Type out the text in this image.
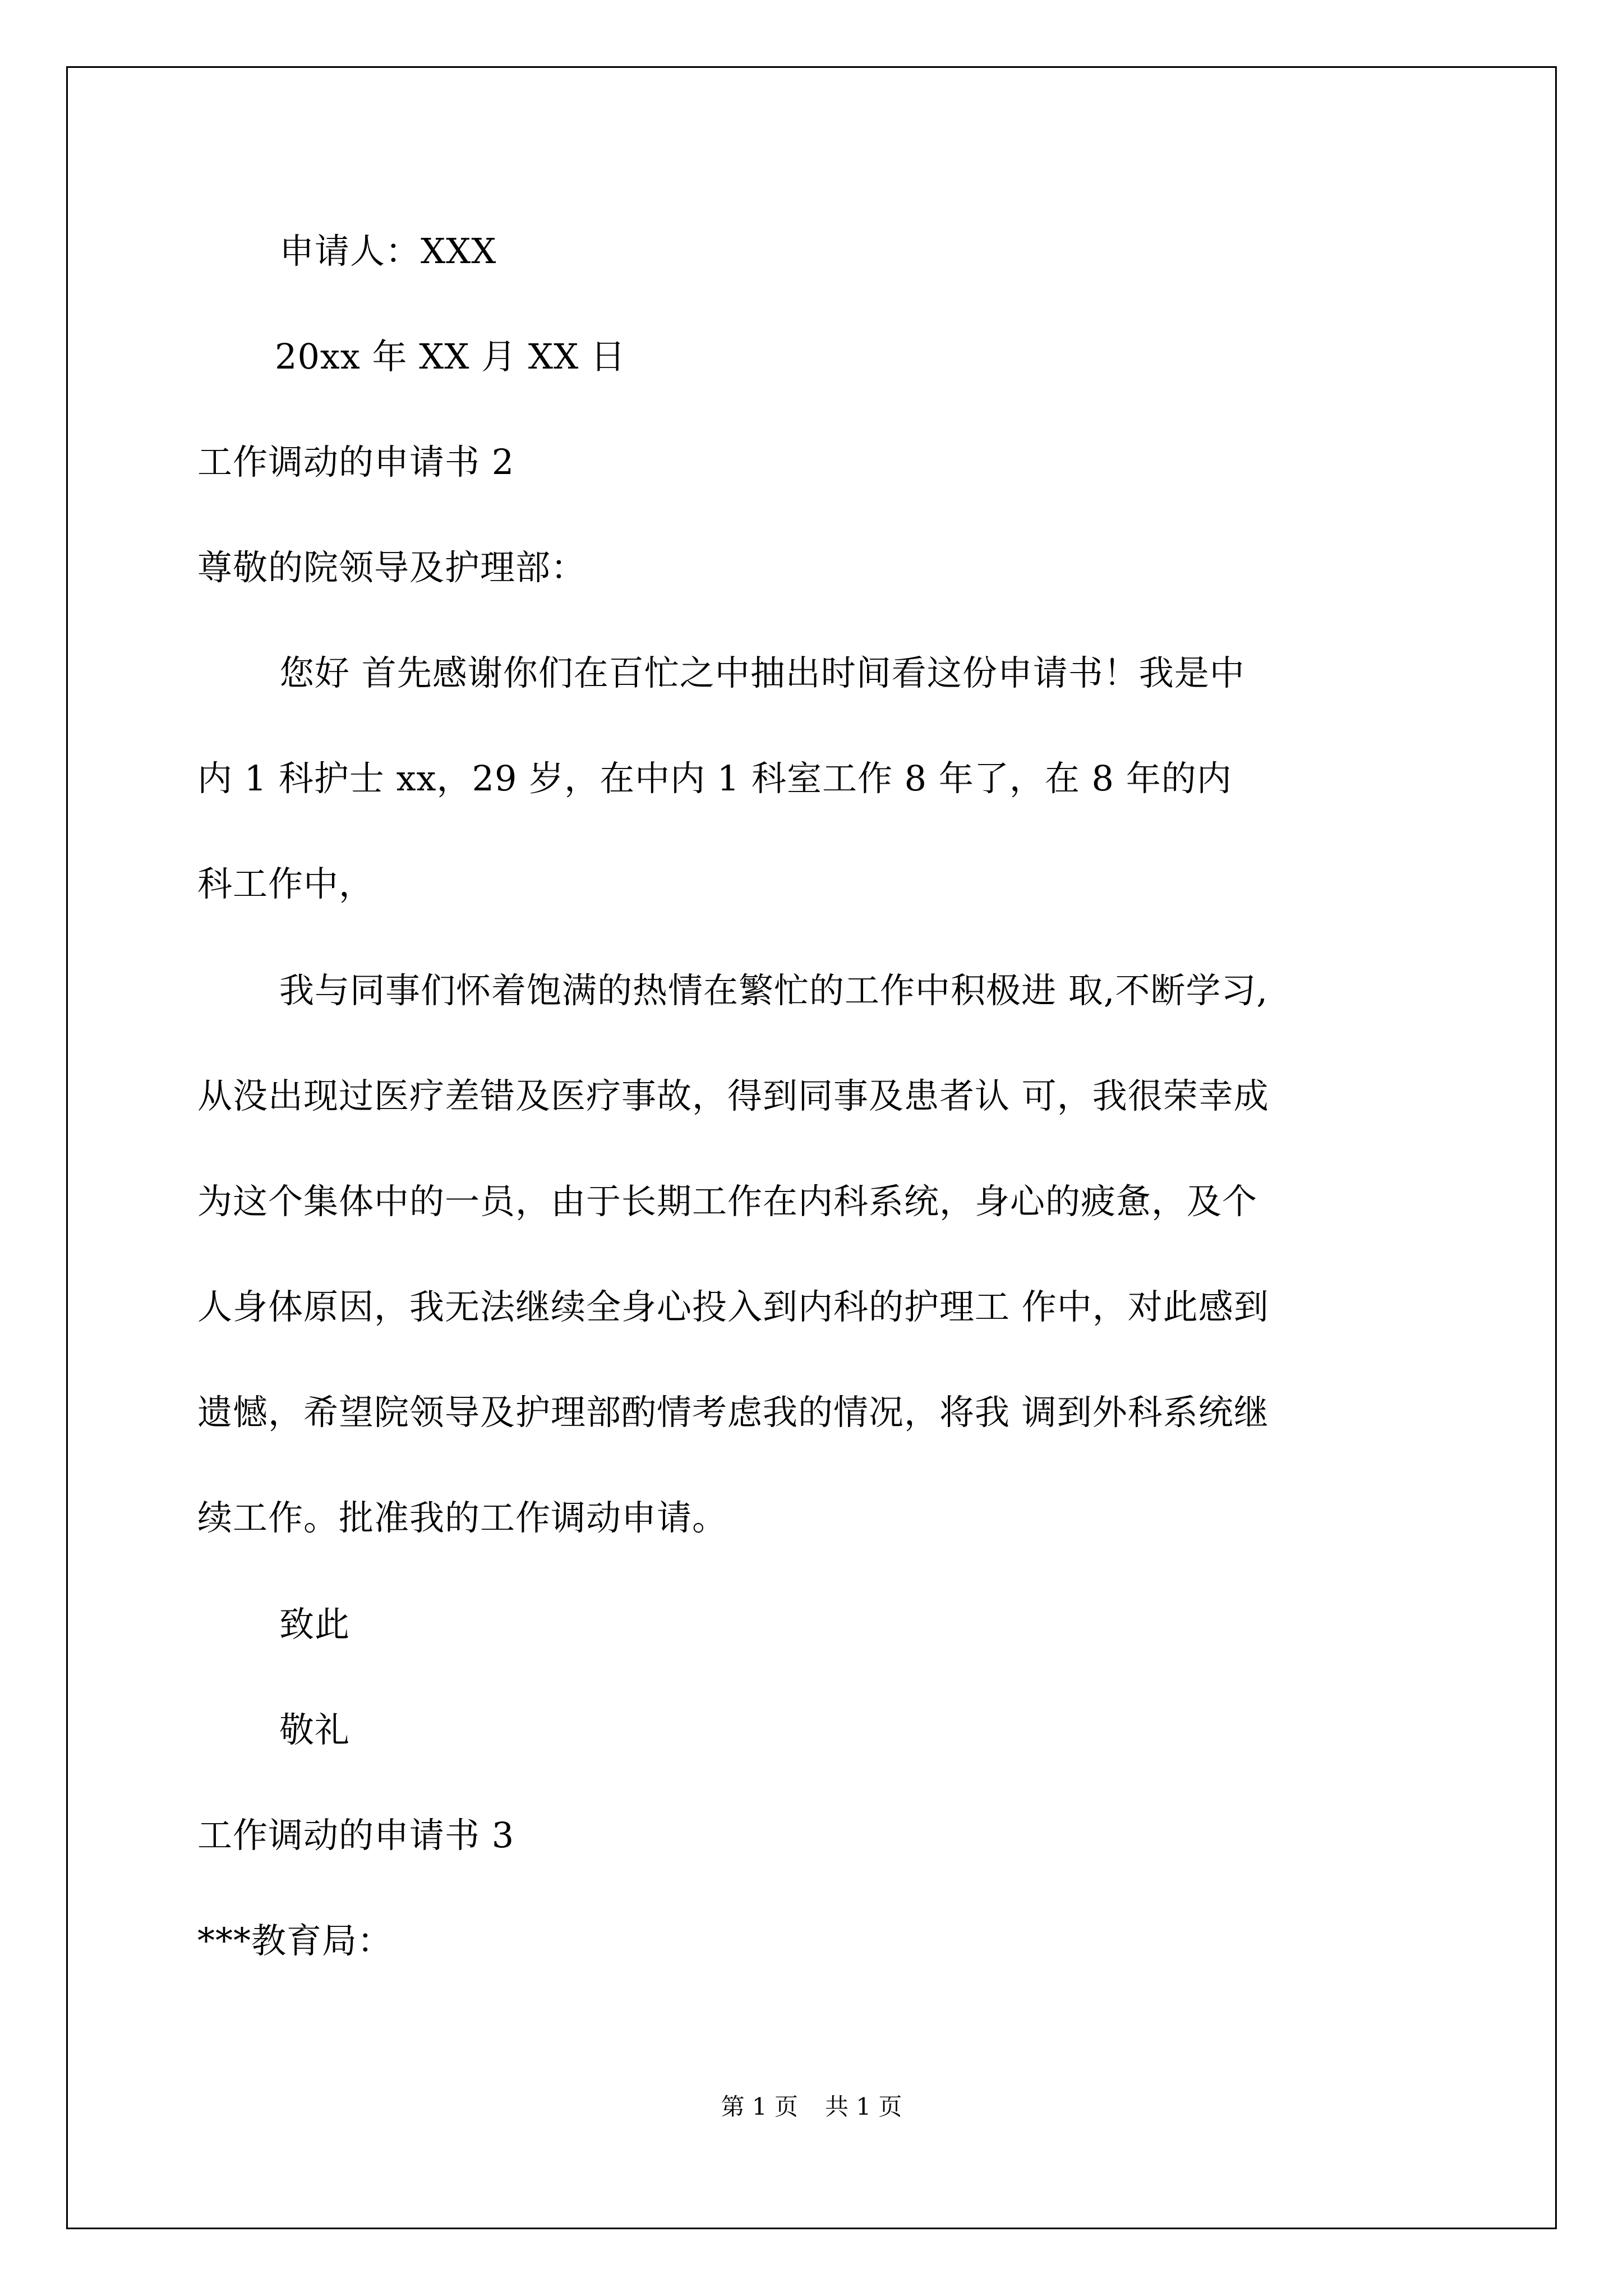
申请人：XXX
20xx 年 XX 月 XX 日
工作调动的申请书 2
尊敬的院领导及护理部：
您好 首先感谢你们在百忙之中抽出时间看这份申请书！我是中
内 1 科护士 xx，29 岁，在中内 1 科室工作 8 年了，在 8 年的内
科工作中，
我与同事们怀着饱满的热情在繁忙的工作中积极进 取,不断学习,
从没出现过医疗差错及医疗事故，得到同事及患者认 可，我很荣幸成
为这个集体中的一员，由于长期工作在内科系统，身心的疲惫，及个
人身体原因，我无法继续全身心投入到内科的护理工 作中，对此感到
遗憾，希望院领导及护理部酌情考虑我的情况，将我 调到外科系统继
续工作。批准我的工作调动申请。
致此
敬礼
工作调动的申请书 3
***教育局：
第 1 页 共 1 页
